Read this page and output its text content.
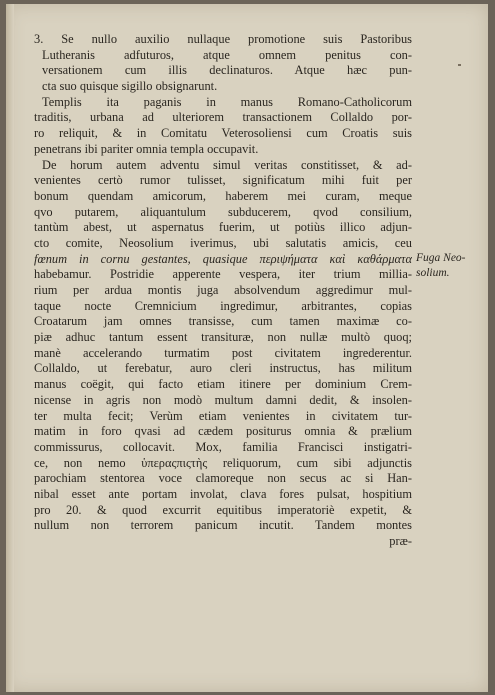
3. Se nullo auxilio nullaque promotione suis Pastoribus
Lutheranis adfuturos, atque omnem penitus con-
versationem cum illis declinaturos. Atque hæc pun-
cta suo quisque sigillo obsignarunt.
Templis ita paganis in manus Romano-Catholicorum
traditis, urbana ad ulteriorem transactionem Collaldo por-
ro reliquit, & in Comitatu Veterosoliensi cum Croatis suis
penetrans ibi pariter omnia templa occupavit.
De horum autem adventu simul veritas constitisset, & ad-
venientes certò rumor tulisset, significatum mihi fuit per
bonum quendam amicorum, haberem mei curam, meque
qvo putarem, aliquantulum subducerem, qvod consilium,
tantùm abest, ut aspernatus fuerim, ut potiùs illico adjun-
cto comite, Neosolium iverimus, ubi salutatis amicis, ceu
fœnum in cornu gestantes, quasique περιψήματα καὶ καθάρματα
habebamur. Postridie apperente vespera, iter trium millia-
rium per ardua montis juga absolvendum aggredimur mul-
taque nocte Cremnicium ingredimur, arbitrantes, copias
Croatarum jam omnes transisse, cum tamen maximæ co-
piæ adhuc tantum essent transituræ, non nullæ multò quoq;
manè accelerando turmatim post civitatem ingrederentur.
Collaldo, ut ferebatur, auro cleri instructus, has militum
manus coëgit, qui facto etiam itinere per dominium Crem-
nicense in agris non modò multum damni dedit, & insolen-
ter multa fecit; Verùm etiam venientes in civitatem tur-
matim in foro qvasi ad cædem positurus omnia & prælium
commissurus, collocavit. Mox, familia Francisci instigatri-
ce, non nemo ὑπεραςπιςτὴς reliquorum, cum sibi adjunctis
parochiam stentorea voce clamoreque non secus ac si Han-
nibal esset ante portam involat, clava fores pulsat, hospitium
pro 20. & quod excurrit equitibus imperatoriè expetit, &
nullum non terrorem panicum incutit. Tandem montes
præ-
Fuga Neo-
solium.
